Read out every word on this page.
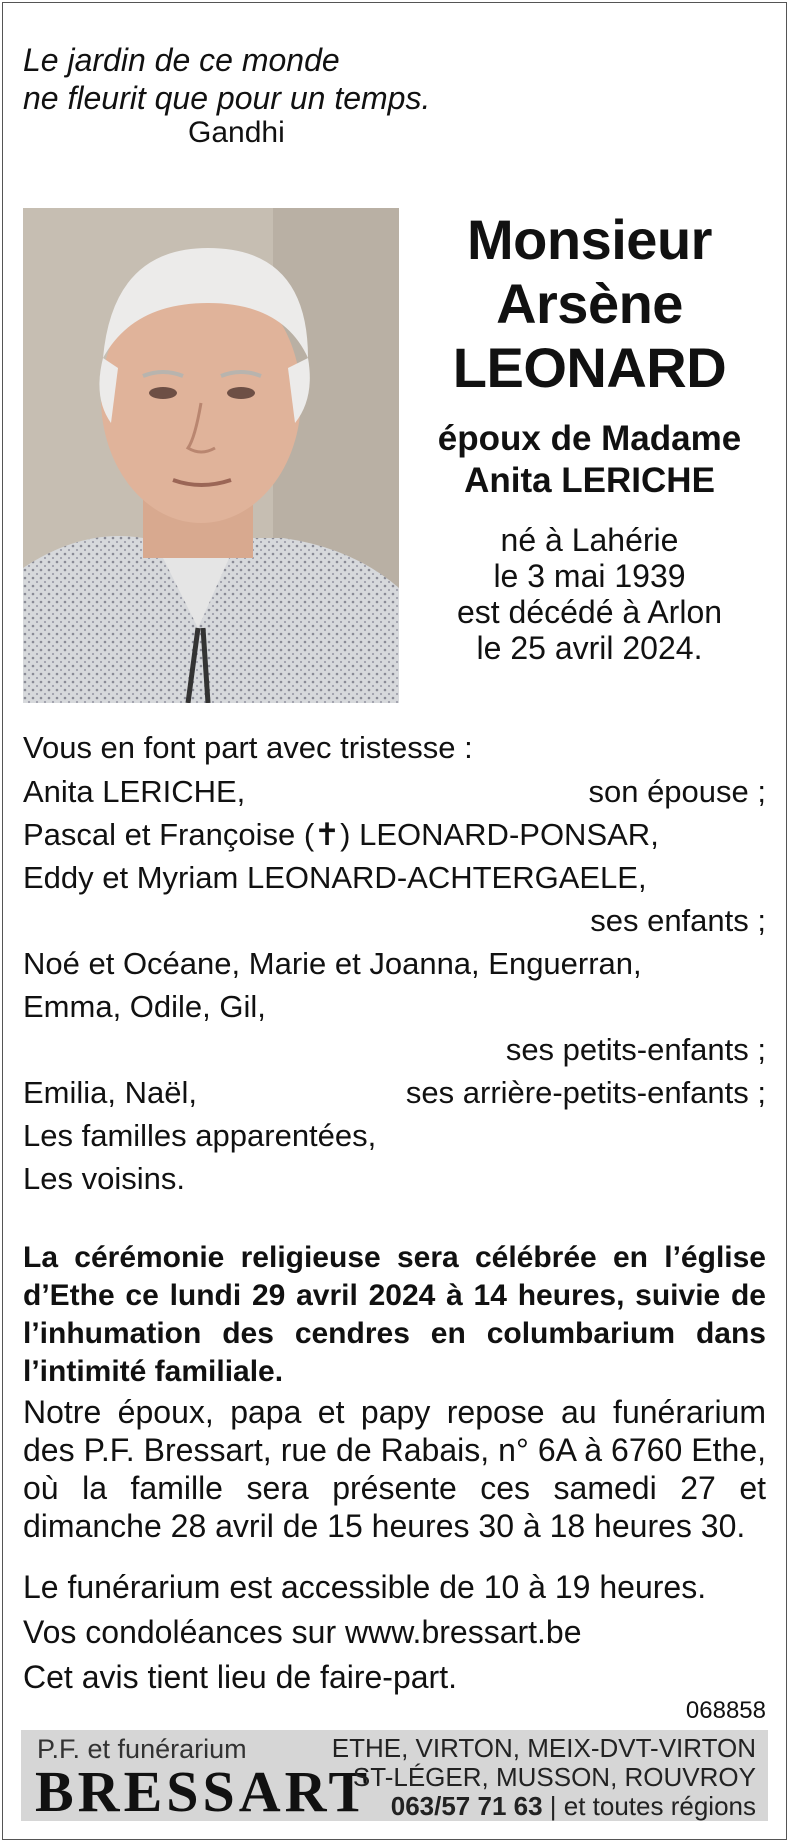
Le jardin de ce monde
ne fleurit que pour un temps.
Gandhi
Monsieur
Arsène
LEONARD
époux de Madame
Anita LERICHE
né à Lahérie
le 3 mai 1939
est décédé à Arlon
le 25 avril 2024.
Vous en font part avec tristesse :
Anita LERICHE,	son épouse ;
Pascal et Françoise (✝) LEONARD-PONSAR,
Eddy et Myriam LEONARD-ACHTERGAELE,
ses enfants ;
Noé et Océane, Marie et Joanna, Enguerran,
Emma, Odile, Gil,
ses petits-enfants ;
Emilia, Naël,	ses arrière-petits-enfants ;
Les familles apparentées,
Les voisins.
La cérémonie religieuse sera célébrée en l’église d’Ethe ce lundi 29 avril 2024 à 14 heures, suivie de l’inhumation des cendres en columbarium dans l’intimité familiale.
Notre époux, papa et papy repose au funérarium des P.F. Bressart, rue de Rabais, n° 6A à 6760 Ethe, où la famille sera présente ces samedi 27 et dimanche 28 avril de 15 heures 30 à 18 heures 30.
Le funérarium est accessible de 10 à 19 heures.
Vos condoléances sur www.bressart.be
Cet avis tient lieu de faire-part.
068858
P.F. et funérarium
BRESSART
ETHE, VIRTON, MEIX-DVT-VIRTON
ST-LÉGER, MUSSON, ROUVROY
063/57 71 63 | et toutes régions
